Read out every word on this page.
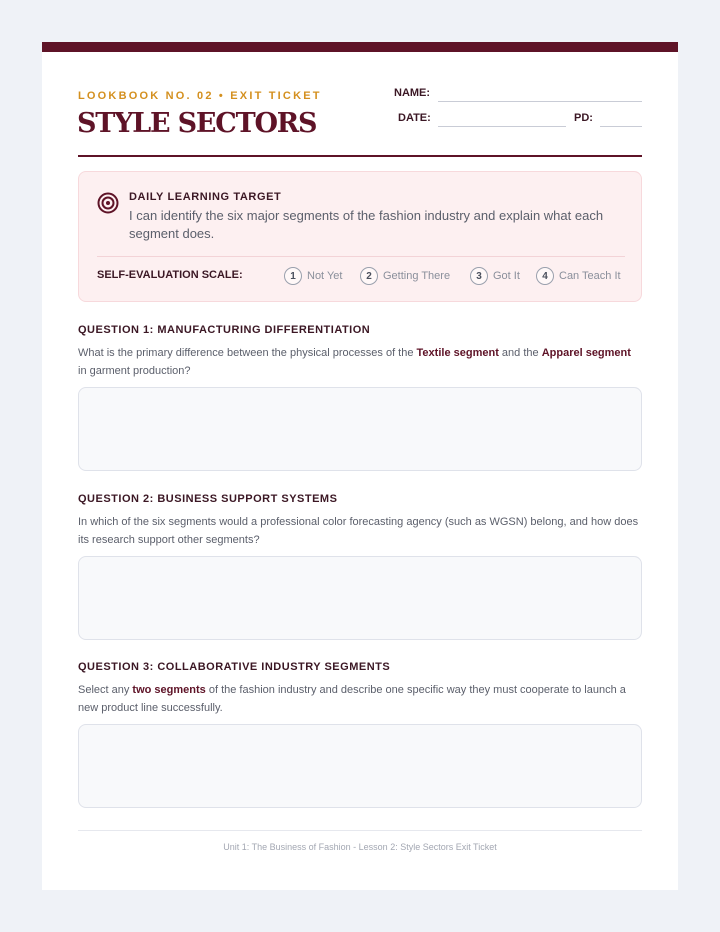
LOOKBOOK NO. 02 • EXIT TICKET
STYLE SECTORS
NAME:
DATE:	PD:
DAILY LEARNING TARGET
I can identify the six major segments of the fashion industry and explain what each segment does.
SELF-EVALUATION SCALE:	1	Not Yet	2	Getting There	3	Got It	4	Can Teach It
QUESTION 1: MANUFACTURING DIFFERENTIATION
What is the primary difference between the physical processes of the Textile segment and the Apparel segment in garment production?
QUESTION 2: BUSINESS SUPPORT SYSTEMS
In which of the six segments would a professional color forecasting agency (such as WGSN) belong, and how does its research support other segments?
QUESTION 3: COLLABORATIVE INDUSTRY SEGMENTS
Select any two segments of the fashion industry and describe one specific way they must cooperate to launch a new product line successfully.
Unit 1: The Business of Fashion - Lesson 2: Style Sectors Exit Ticket
